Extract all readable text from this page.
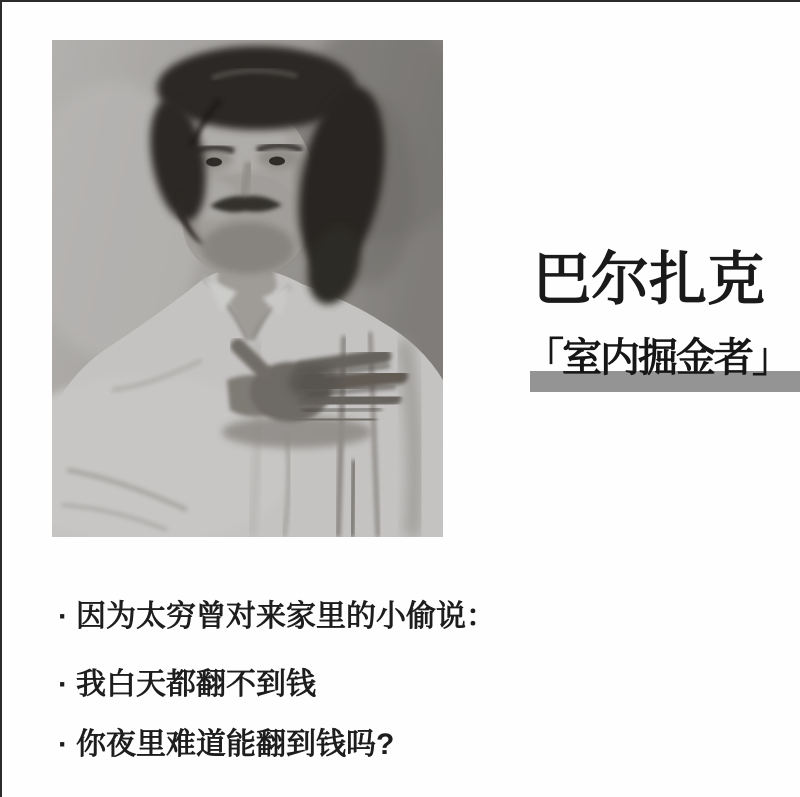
巴尔扎克
「室内掘金者」
· 因为太穷曾对来家里的小偷说：
· 我白天都翻不到钱
· 你夜里难道能翻到钱吗?
